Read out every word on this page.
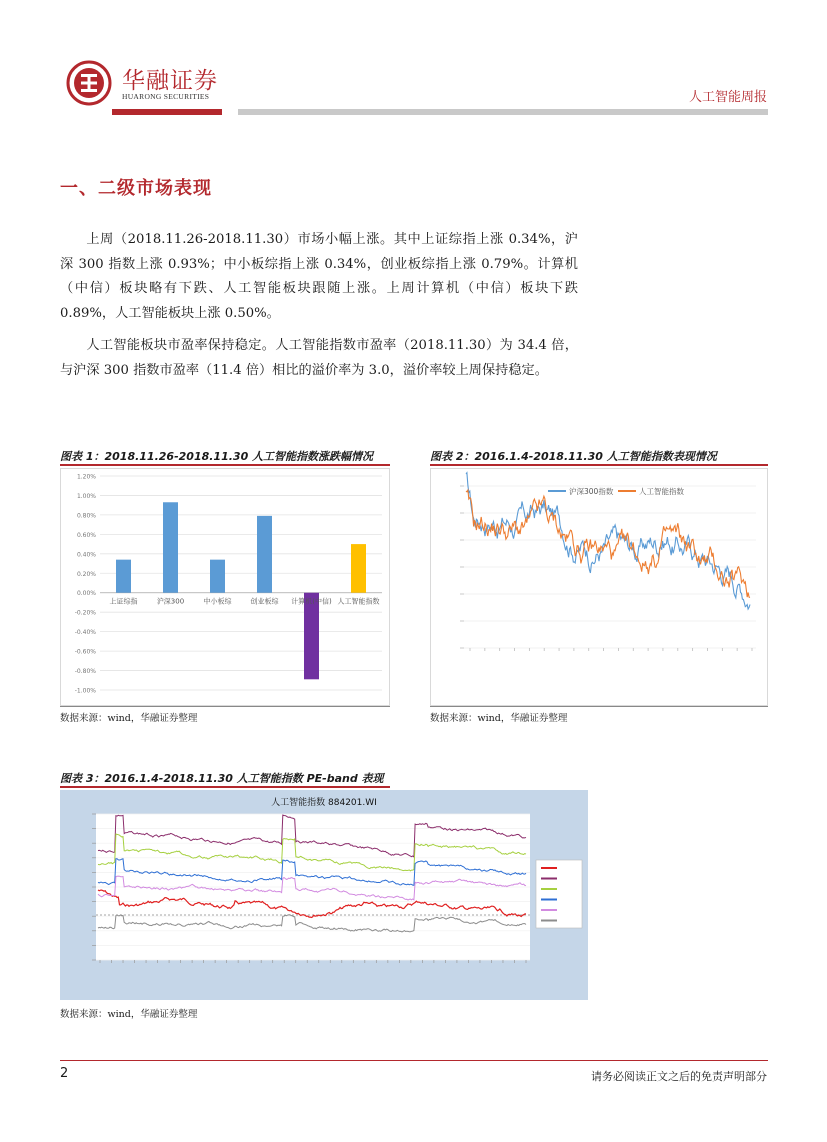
华融证券
HUARONG SECURITIES	人工智能周报
一、二级市场表现

上周（2018.11.26-2018.11.30）市场小幅上涨。其中上证综指上涨 0.34%，沪深 300 指数上涨 0.93%；中小板综指上涨 0.34%，创业板综指上涨 0.79%。计算机（中信）板块略有下跌、人工智能板块跟随上涨。上周计算机（中信）板块下跌 0.89%，人工智能板块上涨 0.50%。

人工智能板块市盈率保持稳定。人工智能指数市盈率（2018.11.30）为 34.4 倍，与沪深 300 指数市盈率（11.4 倍）相比的溢价率为 3.0，溢价率较上周保持稳定。

图表 1：2018.11.26-2018.11.30 人工智能指数涨跌幅情况
1.20%
1.00%
0.80%
0.60%
0.40%
0.20%
0.00%
-0.20%
-0.40%
-0.60%
-0.80%
-1.00%
上证综指	沪深300	中小板综	创业板综 计算机(中信) 人工智能指数
数据来源：wind，华融证券整理
图表 2：2016.1.4-2018.11.30 人工智能指数表现情况
沪深300指数	人工智能指数
数据来源：wind，华融证券整理
图表 3：2016.1.4-2018.11.30 人工智能指数 PE-band 表现
人工智能指数 884201.WI
数据来源：wind，华融证券整理
2	请务必阅读正文之后的免责声明部分
